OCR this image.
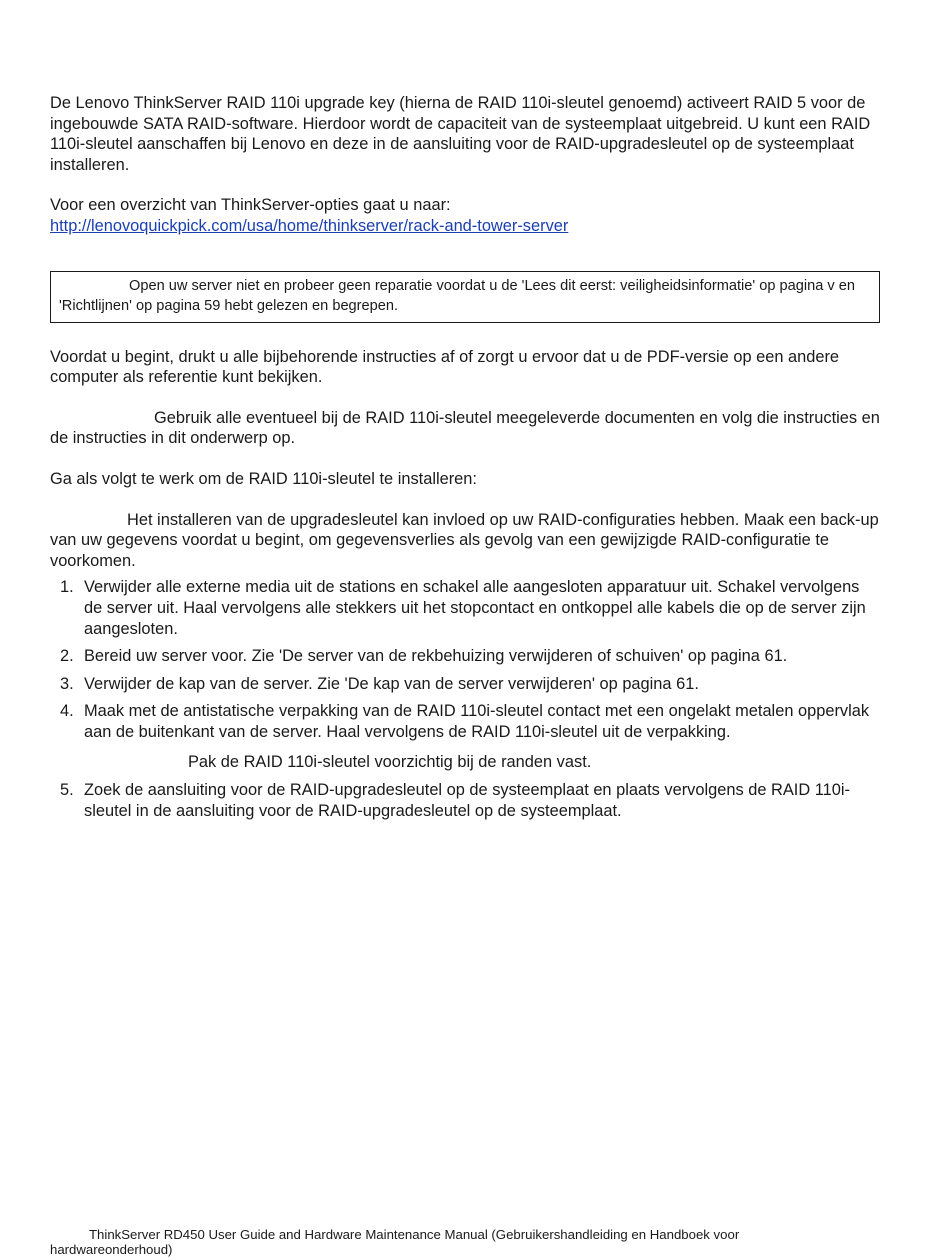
De Lenovo ThinkServer RAID 110i upgrade key (hierna de RAID 110i-sleutel genoemd) activeert RAID 5 voor de ingebouwde SATA RAID-software. Hierdoor wordt de capaciteit van de systeemplaat uitgebreid. U kunt een RAID 110i-sleutel aanschaffen bij Lenovo en deze in de aansluiting voor de RAID-upgradesleutel op de systeemplaat installeren.

Voor een overzicht van ThinkServer-opties gaat u naar:

http://lenovoquickpick.com/usa/home/thinkserver/rack-and-tower-server

Open uw server niet en probeer geen reparatie voordat u de 'Lees dit eerst: veiligheidsinformatie' op pagina v en 'Richtlijnen' op pagina 59 hebt gelezen en begrepen.

Voordat u begint, drukt u alle bijbehorende instructies af of zorgt u ervoor dat u de PDF-versie op een andere computer als referentie kunt bekijken.

Gebruik alle eventueel bij de RAID 110i-sleutel meegeleverde documenten en volg die instructies en de instructies in dit onderwerp op.

Ga als volgt te werk om de RAID 110i-sleutel te installeren:

Het installeren van de upgradesleutel kan invloed op uw RAID-configuraties hebben. Maak een back-up van uw gegevens voordat u begint, om gegevensverlies als gevolg van een gewijzigde RAID-configuratie te voorkomen.

1. Verwijder alle externe media uit de stations en schakel alle aangesloten apparatuur uit. Schakel vervolgens de server uit. Haal vervolgens alle stekkers uit het stopcontact en ontkoppel alle kabels die op de server zijn aangesloten.
2. Bereid uw server voor. Zie 'De server van de rekbehuizing verwijderen of schuiven' op pagina 61.
3. Verwijder de kap van de server. Zie 'De kap van de server verwijderen' op pagina 61.
4. Maak met de antistatische verpakking van de RAID 110i-sleutel contact met een ongelakt metalen oppervlak aan de buitenkant van de server. Haal vervolgens de RAID 110i-sleutel uit de verpakking.

Pak de RAID 110i-sleutel voorzichtig bij de randen vast.

5. Zoek de aansluiting voor de RAID-upgradesleutel op de systeemplaat en plaats vervolgens de RAID 110i-sleutel in de aansluiting voor de RAID-upgradesleutel op de systeemplaat.
ThinkServer RD450 User Guide and Hardware Maintenance Manual (Gebruikershandleiding en Handboek voor hardwareonderhoud)
